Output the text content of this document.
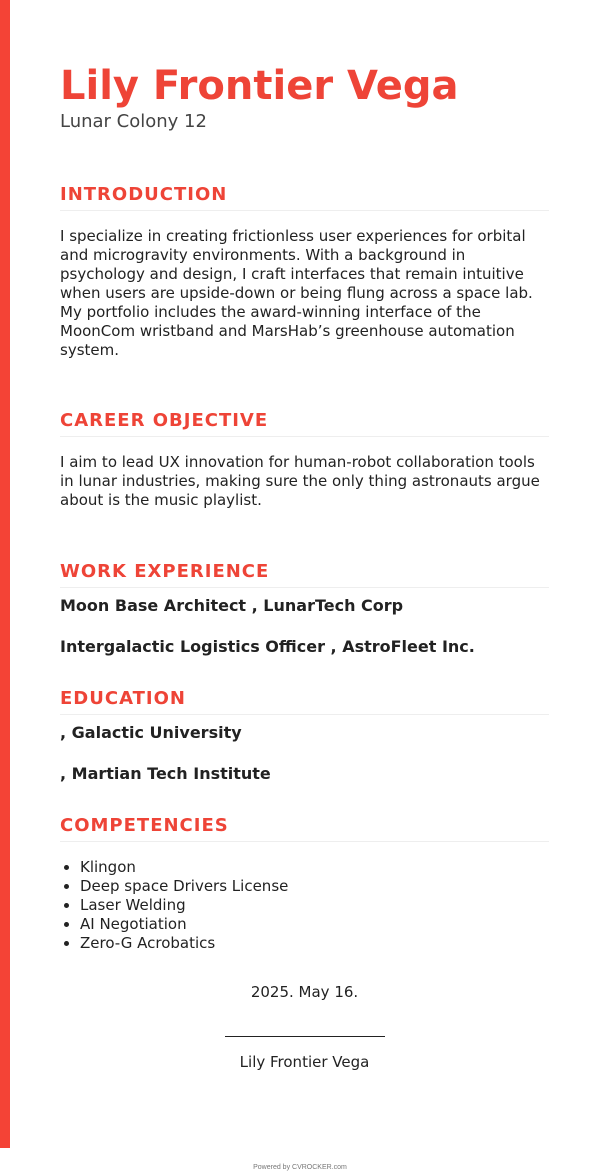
Lily Frontier Vega
Lunar Colony 12
INTRODUCTION
I specialize in creating frictionless user experiences for orbital and microgravity environments. With a background in psychology and design, I craft interfaces that remain intuitive when users are upside-down or being flung across a space lab. My portfolio includes the award-winning interface of the MoonCom wristband and MarsHab’s greenhouse automation system.
CAREER OBJECTIVE
I aim to lead UX innovation for human-robot collaboration tools in lunar industries, making sure the only thing astronauts argue about is the music playlist.
WORK EXPERIENCE
Moon Base Architect , LunarTech Corp
Intergalactic Logistics Officer , AstroFleet Inc.
EDUCATION
, Galactic University
, Martian Tech Institute
COMPETENCIES
• Klingon
• Deep space Drivers License
• Laser Welding
• AI Negotiation
• Zero-G Acrobatics
2025. May 16.
Lily Frontier Vega
Powered by CVROCKER.com
